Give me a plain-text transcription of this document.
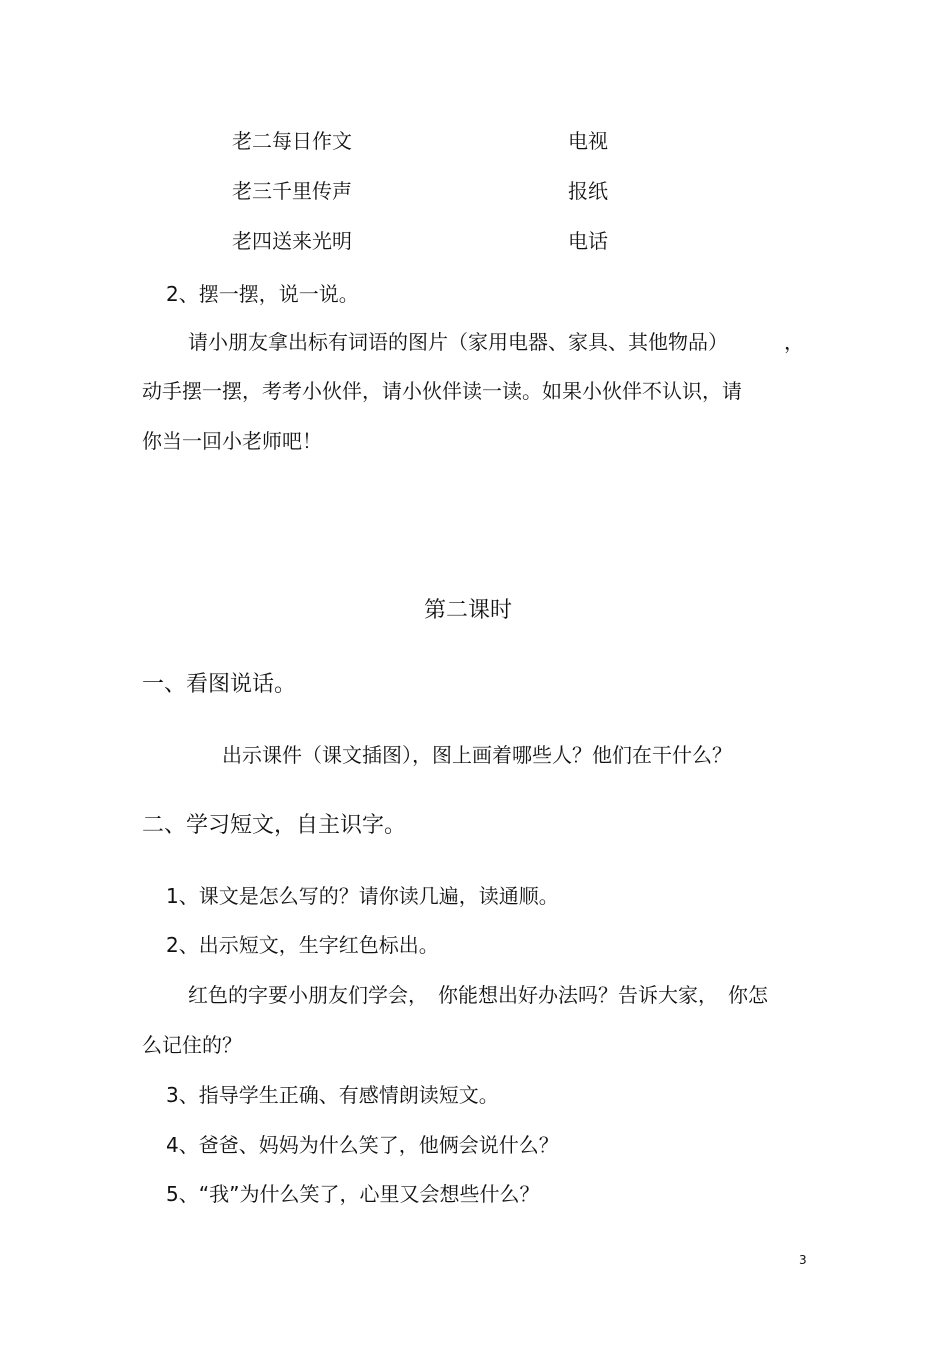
老二每日作文	电视
老三千里传声	报纸
老四送来光明	电话
2、摆一摆，说一说。
请小朋友拿出标有词语的图片（家用电器、家具、其他物品）	，
动手摆一摆，考考小伙伴，请小伙伴读一读。如果小伙伴不认识，请
你当一回小老师吧！
第二课时
一、看图说话。
出示课件（课文插图），图上画着哪些人？他们在干什么？
二、学习短文，自主识字。
1、课文是怎么写的？请你读几遍，读通顺。
2、出示短文，生字红色标出。
红色的字要小朋友们学会，　你能想出好办法吗？告诉大家，　你怎
么记住的？
3、指导学生正确、有感情朗读短文。
4、爸爸、妈妈为什么笑了，他俩会说什么？
5、“我”为什么笑了，心里又会想些什么？
3
